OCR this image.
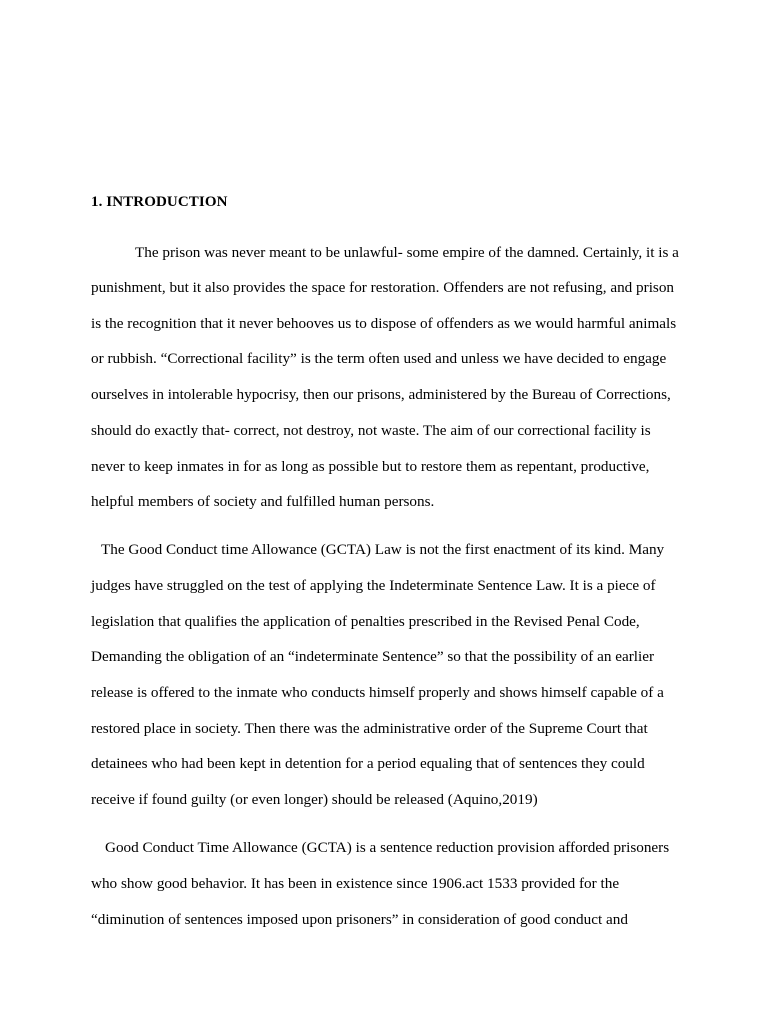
1. INTRODUCTION
The prison was never meant to be unlawful- some empire of the damned. Certainly, it is a
punishment, but it also provides the space for restoration. Offenders are not refusing, and prison
is the recognition that it never behooves us to dispose of offenders as we would harmful animals
or rubbish. “Correctional facility” is the term often used and unless we have decided to engage
ourselves in intolerable hypocrisy, then our prisons, administered by the Bureau of Corrections,
should do exactly that- correct, not destroy, not waste. The aim of our correctional facility is
never to keep inmates in for as long as possible but to restore them as repentant, productive,
helpful members of society and fulfilled human persons.
The Good Conduct time Allowance (GCTA) Law is not the first enactment of its kind. Many
judges have struggled on the test of applying the Indeterminate Sentence Law. It is a piece of
legislation that qualifies the application of penalties prescribed in the Revised Penal Code,
Demanding the obligation of an “indeterminate Sentence” so that the possibility of an earlier
release is offered to the inmate who conducts himself properly and shows himself capable of a
restored place in society. Then there was the administrative order of the Supreme Court that
detainees who had been kept in detention for a period equaling that of sentences they could
receive if found guilty (or even longer) should be released (Aquino,2019)
Good Conduct Time Allowance (GCTA) is a sentence reduction provision afforded prisoners
who show good behavior. It has been in existence since 1906.act 1533 provided for the
“diminution of sentences imposed upon prisoners” in consideration of good conduct and
